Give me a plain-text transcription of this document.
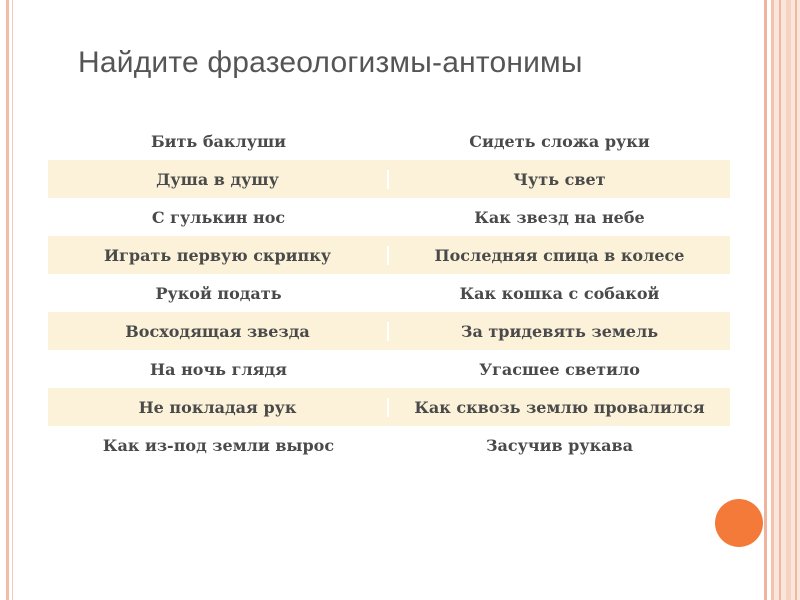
Найдите фразеологизмы-антонимы
Бить баклуши	Сидеть сложа руки
Душа в душу	Чуть свет
С гулькин нос	Как звезд на небе
Играть первую скрипку	Последняя спица в колесе
Рукой подать	Как кошка с собакой
Восходящая звезда	За тридевять земель
На ночь глядя	Угасшее светило
Не покладая рук	Как сквозь землю провалился
Как из-под земли вырос	Засучив рукава
